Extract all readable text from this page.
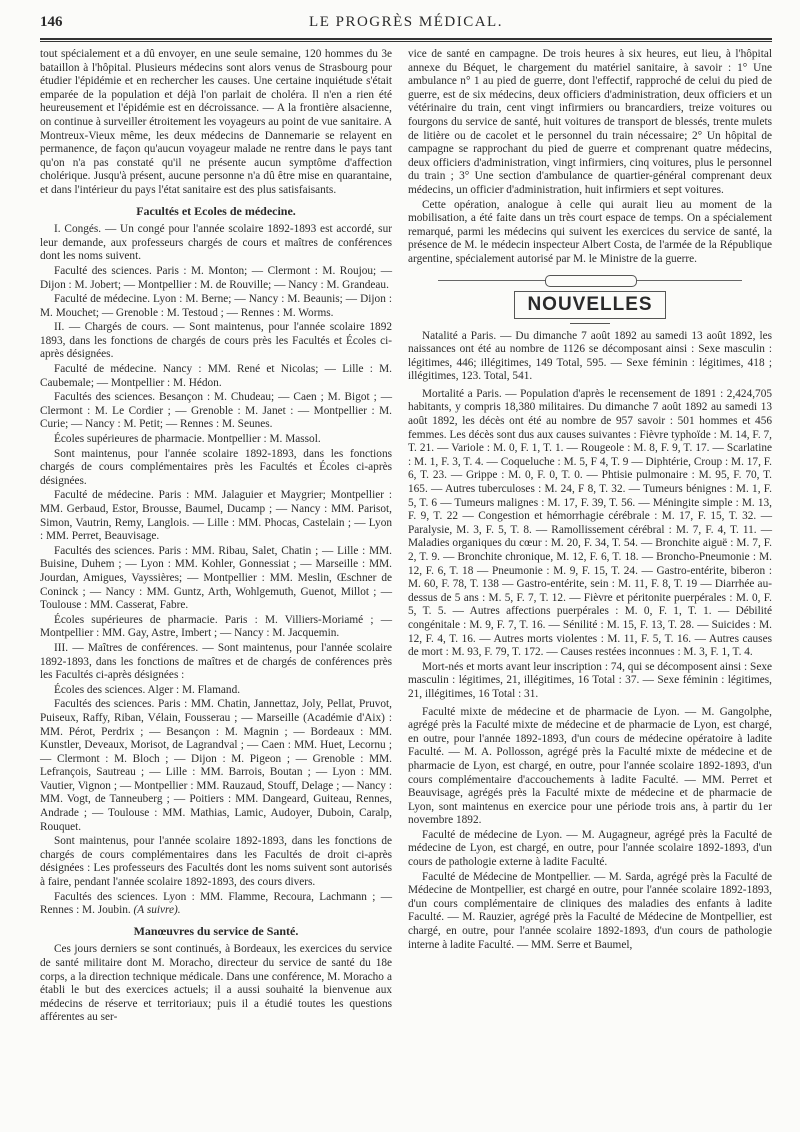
146	LE PROGRÈS MÉDICAL.

tout spécialement et a dû envoyer, en une seule semaine, 120 hommes du 3e bataillon à l'hôpital. Plusieurs médecins sont alors venus de Strasbourg pour étudier l'épidémie et en rechercher les causes. Une certaine inquiétude s'était emparée de la population et déjà l'on parlait de choléra. Il n'en a rien été heureusement et l'épidémie est en décroissance. — A la frontière alsacienne, on continue à surveiller étroitement les voyageurs au point de vue sanitaire. A Montreux-Vieux même, les deux médecins de Dannemarie se relayent en permanence, de façon qu'aucun voyageur malade ne rentre dans le pays tant qu'on n'a pas constaté qu'il ne présente aucun symptôme d'affection cholérique. Jusqu'à présent, aucune personne n'a dû être mise en quarantaine, et dans l'intérieur du pays l'état sanitaire est des plus satisfaisants.

Facultés et Ecoles de médecine.

I. Congés. — Un congé pour l'année scolaire 1892-1893 est accordé, sur leur demande, aux professeurs chargés de cours et maîtres de conférences dont les noms suivent.

Faculté des sciences. Paris : M. Monton; — Clermont : M. Roujou; — Dijon : M. Jobert; — Montpellier : M. de Rouville; — Nancy : M. Grandeau.

Faculté de médecine. Lyon : M. Berne; — Nancy : M. Beaunis; — Dijon : M. Mouchet; — Grenoble : M. Testoud ; — Rennes : M. Worms.

II. — Chargés de cours. — Sont maintenus, pour l'année scolaire 1892 1893, dans les fonctions de chargés de cours près les Facultés et Écoles ci-après désignées.

Faculté de médecine. Nancy : MM. René et Nicolas; — Lille : M. Caubemale; — Montpellier : M. Hédon.

Facultés des sciences. Besançon : M. Chudeau; — Caen ; M. Bigot ; — Clermont : M. Le Cordier ; — Grenoble : M. Janet : — Montpellier : M. Curie; — Nancy : M. Petit; — Rennes : M. Seunes.

Écoles supérieures de pharmacie. Montpellier : M. Massol.

Sont maintenus, pour l'année scolaire 1892-1893, dans les fonctions chargés de cours complémentaires près les Facultés et Écoles ci-après désignées.

Faculté de médecine. Paris : MM. Jalaguier et Maygrier; Montpellier : MM. Gerbaud, Estor, Brousse, Baumel, Ducamp ; — Nancy : MM. Parisot, Simon, Vautrin, Remy, Langlois. — Lille : MM. Phocas, Castelain ; — Lyon : MM. Perret, Beauvisage.

Facultés des sciences. Paris : MM. Ribau, Salet, Chatin ; — Lille : MM. Buisine, Duhem ; — Lyon : MM. Kohler, Gonnessiat ; — Marseille : MM. Jourdan, Amigues, Vayssières; — Montpellier : MM. Meslin, Œschner de Coninck ; — Nancy : MM. Guntz, Arth, Wohlgemuth, Guenot, Millot ; — Toulouse : MM. Casserat, Fabre.

Écoles supérieures de pharmacie. Paris : M. Villiers-Moriamé ; — Montpellier : MM. Gay, Astre, Imbert ; — Nancy : M. Jacquemin.

III. — Maîtres de conférences. — Sont maintenus, pour l'année scolaire 1892-1893, dans les fonctions de maîtres et de chargés de conférences près les Facultés ci-après désignées :

Écoles des sciences. Alger : M. Flamand.

Facultés des sciences. Paris : MM. Chatin, Jannettaz, Joly, Pellat, Pruvot, Puiseux, Raffy, Riban, Vélain, Fousserau ; — Marseille (Académie d'Aix) : MM. Pérot, Perdrix ; — Besançon : M. Magnin ; — Bordeaux : MM. Kunstler, Deveaux, Morisot, de Lagrandval ; — Caen : MM. Huet, Lecornu ; — Clermont : M. Bloch ; — Dijon : M. Pigeon ; — Grenoble : MM. Lefrançois, Sautreau ; — Lille : MM. Barrois, Boutan ; — Lyon : MM. Vautier, Vignon ; — Montpellier : MM. Rauzaud, Stouff, Delage ; — Nancy : MM. Vogt, de Tanneuberg ; — Poitiers : MM. Dangeard, Guiteau, Rennes, Andrade ; — Toulouse : MM. Mathias, Lamic, Audoyer, Duboin, Caralp, Rouquet.

Sont maintenus, pour l'année scolaire 1892-1893, dans les fonctions de chargés de cours complémentaires dans les Facultés de droit ci-après désignées : Les professeurs des Facultés dont les noms suivent sont autorisés à faire, pendant l'année scolaire 1892-1893, des cours divers.

Facultés des sciences. Lyon : MM. Flamme, Recoura, Lachmann ; — Rennes : M. Joubin. (A suivre).

Manœuvres du service de Santé.

Ces jours derniers se sont continués, à Bordeaux, les exercices du service de santé militaire dont M. Moracho, directeur du service de santé du 18e corps, a la direction technique médicale. Dans une conférence, M. Moracho a établi le but des exercices actuels; il a aussi souhaité la bienvenue aux médecins de réserve et territoriaux; puis il a étudié toutes les questions afférentes au ser-

vice de santé en campagne. De trois heures à six heures, eut lieu, à l'hôpital annexe du Béquet, le chargement du matériel sanitaire, à savoir : 1° Une ambulance n° 1 au pied de guerre, dont l'effectif, rapproché de celui du pied de guerre, est de six médecins, deux officiers d'administration, deux officiers et un vétérinaire du train, cent vingt infirmiers ou brancardiers, treize voitures ou fourgons du service de santé, huit voitures de transport de blessés, trente mulets de litière ou de cacolet et le personnel du train nécessaire; 2° Un hôpital de campagne se rapprochant du pied de guerre et comprenant quatre médecins, deux officiers d'administration, vingt infirmiers, cinq voitures, plus le personnel du train ; 3° Une section d'ambulance de quartier-général comprenant deux médecins, un officier d'administration, huit infirmiers et sept voitures.

Cette opération, analogue à celle qui aurait lieu au moment de la mobilisation, a été faite dans un très court espace de temps. On a spécialement remarqué, parmi les médecins qui suivent les exercices du service de santé, la présence de M. le médecin inspecteur Albert Costa, de l'armée de la République argentine, spécialement autorisé par M. le Ministre de la guerre.

NOUVELLES

Natalité a Paris. — Du dimanche 7 août 1892 au samedi 13 août 1892, les naissances ont été au nombre de 1126 se décomposant ainsi : Sexe masculin : légitimes, 446; illégitimes, 149 Total, 595. — Sexe féminin : légitimes, 418 ; illégitimes, 123. Total, 541.

Mortalité a Paris. — Population d'après le recensement de 1891 : 2,424,705 habitants, y compris 18,380 militaires. Du dimanche 7 août 1892 au samedi 13 août 1892, les décès ont été au nombre de 957 savoir : 501 hommes et 456 femmes. Les décès sont dus aux causes suivantes : Fièvre typhoïde : M. 14, F. 7, T. 21. — Variole : M. 0, F. 1, T. 1. — Rougeole : M. 8, F. 9, T. 17. — Scarlatine : M. 1, F. 3, T. 4. — Coqueluche : M. 5, F 4, T. 9 — Diphtérie, Croup : M. 17, F. 6, T. 23. — Grippe : M. 0, F. 0, T. 0. — Phtisie pulmonaire : M. 95, F. 70, T. 165. — Autres tuberculoses : M. 24, F 8, T. 32. — Tumeurs bénignes : M. 1, F. 5, T. 6 — Tumeurs malignes : M. 17, F. 39, T. 56. — Méningite simple : M. 13, F. 9, T. 22 — Congestion et hémorrhagie cérébrale : M. 17, F. 15, T. 32. — Paralysie, M. 3, F. 5, T. 8. — Ramollissement cérébral : M. 7, F. 4, T. 11. — Maladies organiques du cœur : M. 20, F. 34, T. 54. — Bronchite aiguë : M. 7, F. 2, T. 9. — Bronchite chronique, M. 12, F. 6, T. 18. — Broncho-Pneumonie : M. 12, F. 6, T. 18 — Pneumonie : M. 9, F. 15, T. 24. — Gastro-entérite, biberon : M. 60, F. 78, T. 138 — Gastro-entérite, sein : M. 11, F. 8, T. 19 — Diarrhée au-dessus de 5 ans : M. 5, F. 7, T. 12. — Fièvre et péritonite puerpérales : M. 0, F. 5, T. 5. — Autres affections puerpérales : M. 0, F. 1, T. 1. — Débilité congénitale : M. 9, F. 7, T. 16. — Sénilité : M. 15, F. 13, T. 28. — Suicides : M. 12, F. 4, T. 16. — Autres morts violentes : M. 11, F. 5, T. 16. — Autres causes de mort : M. 93, F. 79, T. 172. — Causes restées inconnues : M. 3, F. 1, T. 4.

Mort-nés et morts avant leur inscription : 74, qui se décomposent ainsi : Sexe masculin : légitimes, 21, illégitimes, 16 Total : 37. — Sexe féminin : légitimes, 21, illégitimes, 16 Total : 31.

Faculté mixte de médecine et de pharmacie de Lyon. — M. Gangolphe, agrégé près la Faculté mixte de médecine et de pharmacie de Lyon, est chargé, en outre, pour l'année 1892-1893, d'un cours de médecine opératoire à ladite Faculté. — M. A. Pollosson, agrégé près la Faculté mixte de médecine et de pharmacie de Lyon, est chargé, en outre, pour l'année scolaire 1892-1893, d'un cours complémentaire d'accouchements à ladite Faculté. — MM. Perret et Beauvisage, agrégés près la Faculté mixte de médecine et de pharmacie de Lyon, sont maintenus en exercice pour une période trois ans, à partir du 1er novembre 1892.

Faculté de médecine de Lyon. — M. Augagneur, agrégé près la Faculté de médecine de Lyon, est chargé, en outre, pour l'année scolaire 1892-1893, d'un cours de pathologie externe à ladite Faculté.

Faculté de Médecine de Montpellier. — M. Sarda, agrégé près la Faculté de Médecine de Montpellier, est chargé en outre, pour l'année scolaire 1892-1893, d'un cours complémentaire de cliniques des maladies des enfants à ladite Faculté. — M. Rauzier, agrégé près la Faculté de Médecine de Montpellier, est chargé, en outre, pour l'année scolaire 1892-1893, d'un cours de pathologie interne à ladite Faculté. — MM. Serre et Baumel,
